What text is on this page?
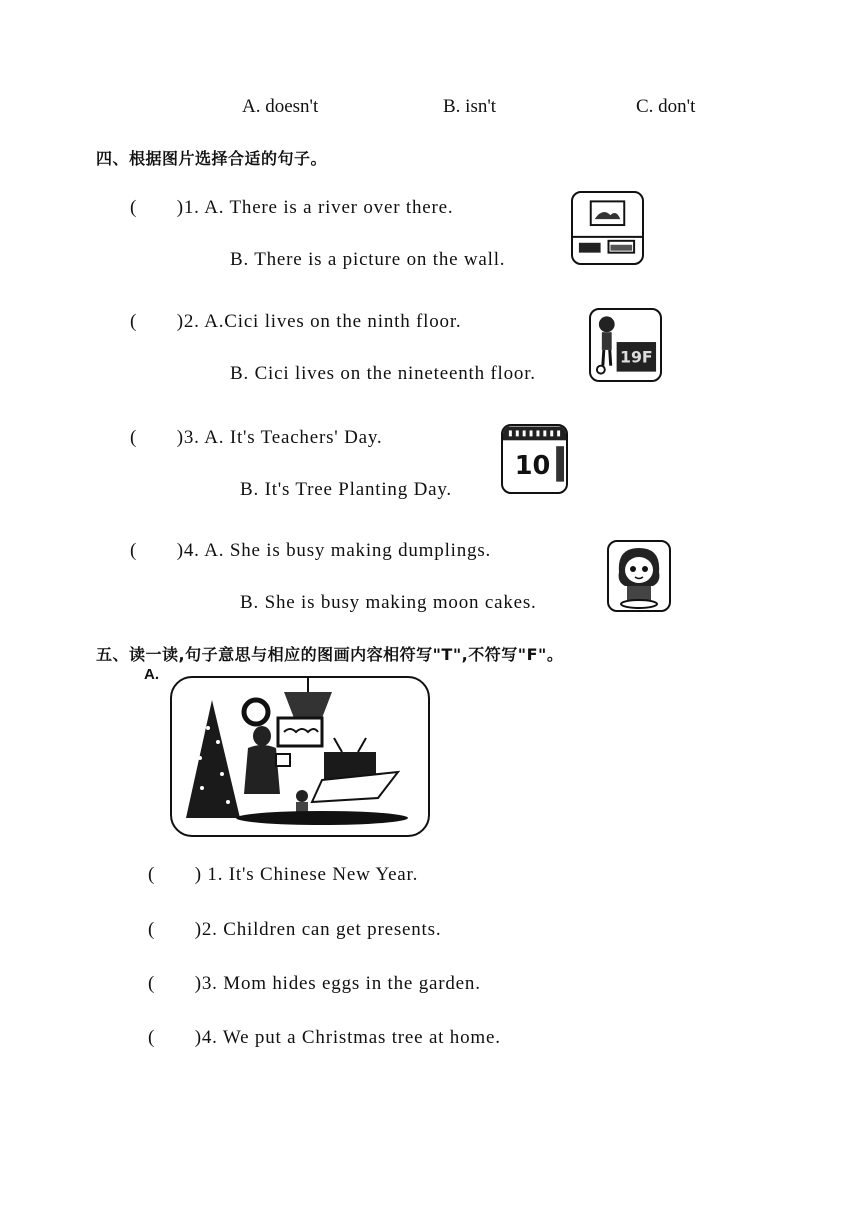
A. doesn't	B. isn't	C. don't
四、根据图片选择合适的句子。
(　　)1. A. There is a river over there.
B. There is a picture on the wall.
(　　)2. A.Cici lives on the ninth floor.
B. Cici lives on the nineteenth floor.
19F
(　　)3. A. It's Teachers' Day.
B. It's Tree Planting Day.
10
(　　)4. A. She is busy making dumplings.
B. She is busy making moon cakes.
五、读一读,句子意思与相应的图画内容相符写"T",不符写"F"。
A.
(　　) 1. It's Chinese New Year.
(　　)2. Children can get presents.
(　　)3. Mom hides eggs in the garden.
(　　)4. We put a Christmas tree at home.
